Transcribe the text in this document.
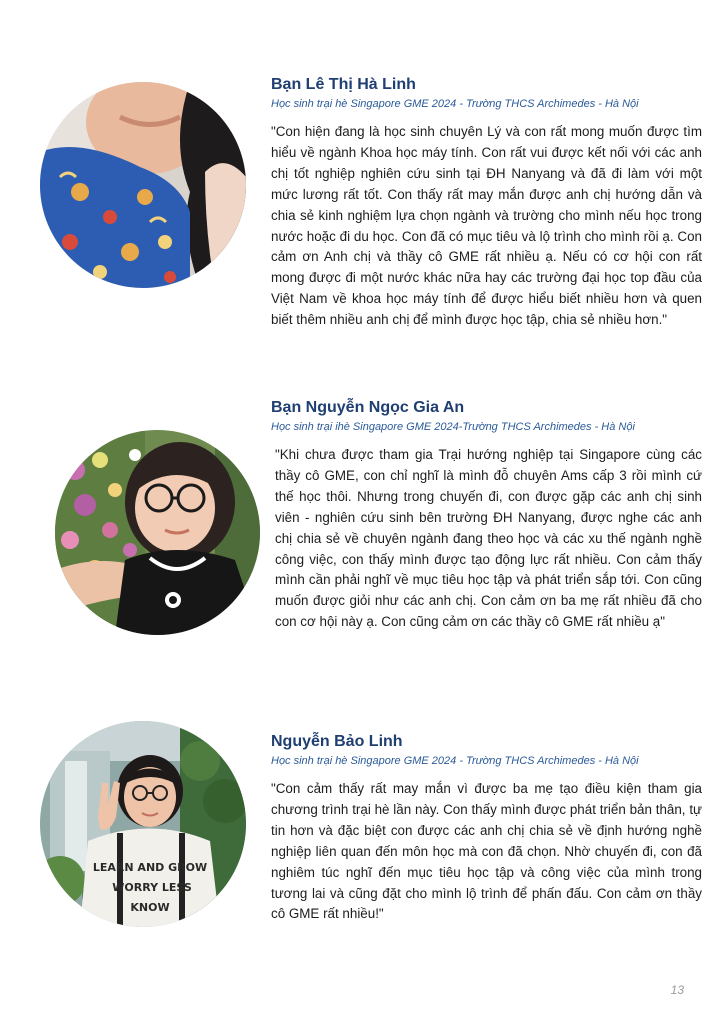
Bạn Lê Thị Hà Linh
Học sinh trại hè Singapore GME 2024 - Trường THCS Archimedes - Hà Nội
"Con hiện đang là học sinh chuyên Lý và con rất mong muốn được tìm hiểu về ngành Khoa học máy tính. Con rất vui được kết nối với các anh chị tốt nghiệp nghiên cứu sinh tại ĐH Nanyang và đã đi làm với một mức lương rất tốt. Con thấy rất may mắn được anh chị hướng dẫn và chia sẻ kinh nghiệm lựa chọn ngành và trường cho mình nếu học trong nước hoặc đi du học. Con đã có mục tiêu và lộ trình cho mình rồi ạ. Con cảm ơn Anh chị và thầy cô GME rất nhiều ạ. Nếu có cơ hội con rất mong được đi một nước khác nữa hay các trường đại học top đầu của Việt Nam về khoa học máy tính để được hiểu biết nhiều hơn và quen biết thêm nhiều anh chị để mình được học tập, chia sẻ nhiều hơn."
Bạn Nguyễn Ngọc Gia An
Học sinh trại ihè Singapore GME 2024-Trường THCS Archimedes - Hà Nội
"Khi chưa được tham gia Trại hướng nghiệp tại Singapore cùng các thầy cô GME, con chỉ nghĩ là mình đỗ chuyên Ams cấp 3 rồi mình cứ thế học thôi. Nhưng trong chuyến đi, con được gặp các anh chị sinh viên - nghiên cứu sinh bên trường ĐH Nanyang, được nghe các anh chị chia sẻ về chuyên ngành đang theo học và các xu thế ngành nghề công việc, con thấy mình được tạo động lực rất nhiều. Con cảm thấy mình cần phải nghĩ về mục tiêu học tập và phát triển sắp tới. Con cũng muốn được giỏi như các anh chị. Con cảm ơn ba mẹ rất nhiều đã cho con cơ hội này ạ. Con cũng cảm ơn các thầy cô GME rất nhiều ạ"
LEARN AND GROW
WORRY LESS
KNOW
Nguyễn Bảo Linh
Học sinh trại hè Singapore GME 2024 - Trường THCS Archimedes - Hà Nội
"Con cảm thấy rất may mắn vì được ba mẹ tạo điều kiện tham gia chương trình trại hè lần này. Con thấy mình được phát triển bản thân, tự tin hơn và đặc biệt con được các anh chị chia sẻ về định hướng nghề nghiệp liên quan đến môn học mà con đã chọn. Nhờ chuyến đi, con đã nghiêm túc nghĩ đến mục tiêu học tập và công việc của mình trong tương lai và cũng đặt cho mình lộ trình để phấn đấu. Con cảm ơn thầy cô GME rất nhiều!"
13
